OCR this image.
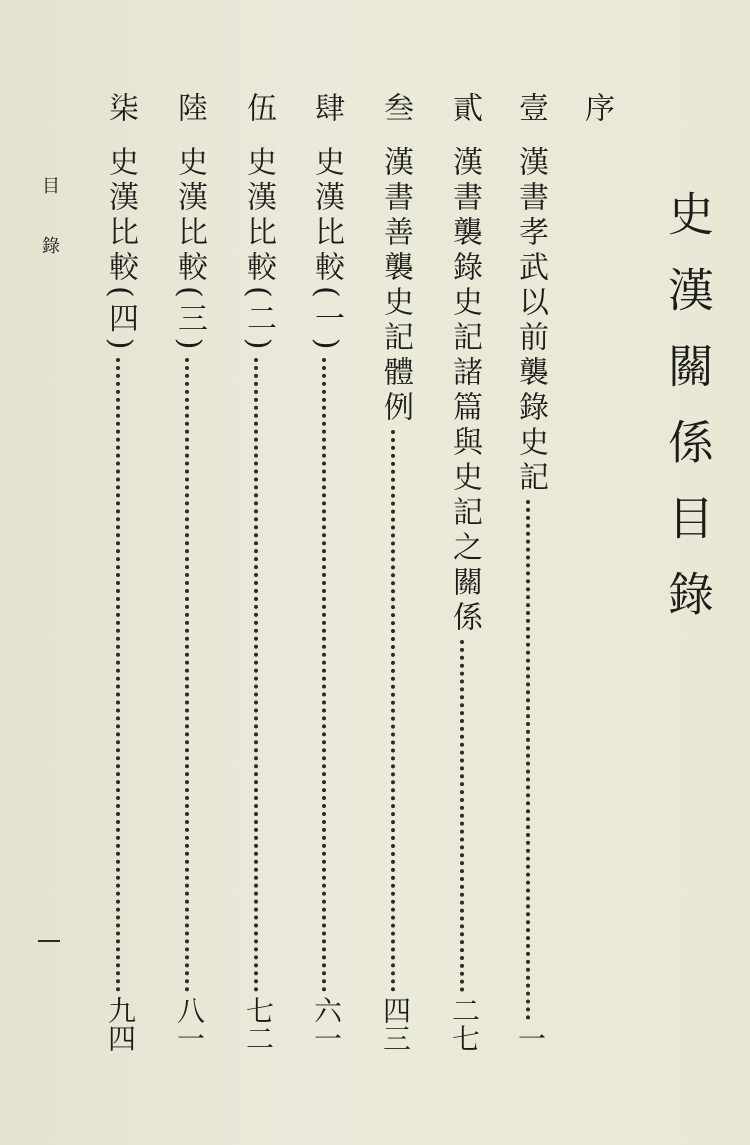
史漢關係目錄
序
壹
漢書孝武以前襲錄史記
一
貳
漢書襲錄史記諸篇與史記之關係
二七
叁
漢書善襲史記體例
四三
肆
史漢比較(一)
六一
伍
史漢比較(二)
七二
陸
史漢比較(三)
八一
柒
史漢比較(四)
九四
目錄
